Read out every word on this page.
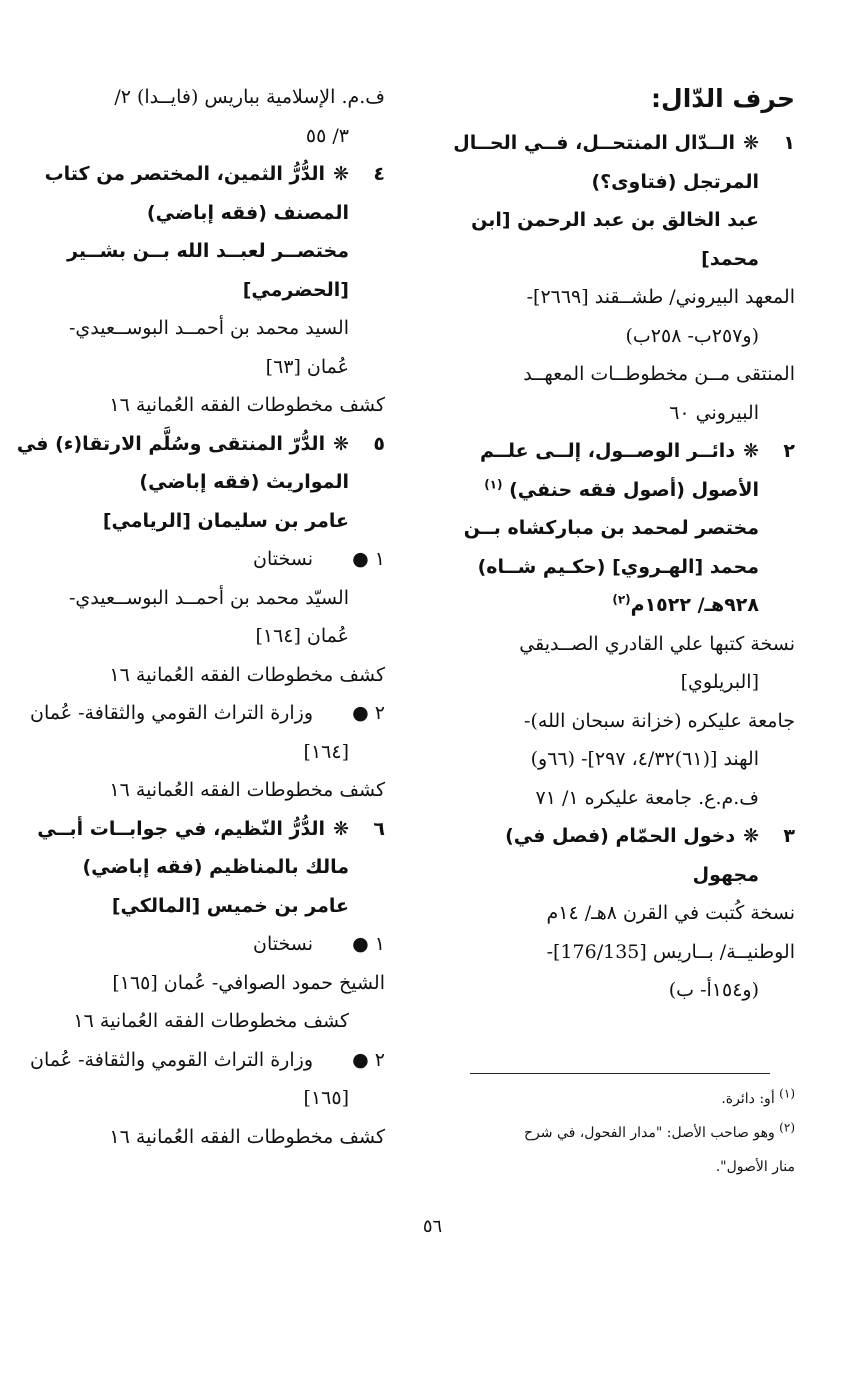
حرف الدّال:
١
❋الــدّال المنتحــل، فــي الحــال
المرتجل (فتاوى؟)
عبد الخالق بن عبد الرحمن [ابن
محمد]
المعهد البيروني/ طشــقند [٢٦٦٩]-
(و٢٥٧ب- ٢٥٨ب)
المنتقى مــن مخطوطــات المعهــد
البيروني ٦٠
٢
❋دائــر الوصــول، إلــى علــم
الأصول (أصول فقه حنفي) $^{(١)}$
مختصر لمحمد بن مباركشاه بــن
محمد [الهـروي] (حكـيم شــاه)
٩٢٨هـ/ ١٥٢٢م$^{(٢)}$
نسخة كتبها علي القادري الصــديقي
[البريلوي]
جامعة عليكره (خزانة سبحان الله)-
الهند [(٦١)٤/٣٢، ٢٩٧]- (٦٦و)
ف.م.ع. جامعة عليكره ١/ ٧١
٣
❋دخول الحمّام (فصل في)
مجهول
نسخة كُتبت في القرن ٨هـ/ ١٤م
الوطنيــة/ بــاريس [176/135]-
(و١٥٤أ- ب)
ف.م. الإسلامية بباريس (فايــدا) ٢/
٣/ ٥٥
٤
❋الدُّرُّ الثمين، المختصر من كتاب
المصنف (فقه إباضي)
مختصــر لعبــد الله بــن بشــير
[الحضرمي]
السيد محمد بن أحمــد البوســعيدي-
عُمان [٦٣]
كشف مخطوطات الفقه العُمانية ١٦
٥
❋الدُّرّ المنتقى وسُلَّم الارتقا(ء) في
المواريث (فقه إباضي)
عامر بن سليمان [الريامي]
١ ●
نسختان
السيّد محمد بن أحمــد البوســعيدي-
عُمان [١٦٤]
كشف مخطوطات الفقه العُمانية ١٦
٢ ●
وزارة التراث القومي والثقافة- عُمان
[١٦٤]
كشف مخطوطات الفقه العُمانية ١٦
٦
❋الدُّرُّ النّظيم، في جوابــات أبــي
مالك بالمناظيم (فقه إباضي)
عامر بن خميس [المالكي]
١ ●
نسختان
الشيخ حمود الصوافي- عُمان [١٦٥]
كشف مخطوطات الفقه العُمانية ١٦
٢ ●
وزارة التراث القومي والثقافة- عُمان
[١٦٥]
كشف مخطوطات الفقه العُمانية ١٦
$^{(١)}$ أو: دائرة.
$^{(٢)}$ وهو صاحب الأصل: "مدار الفحول، في شرح
منار الأصول".
٥٦
